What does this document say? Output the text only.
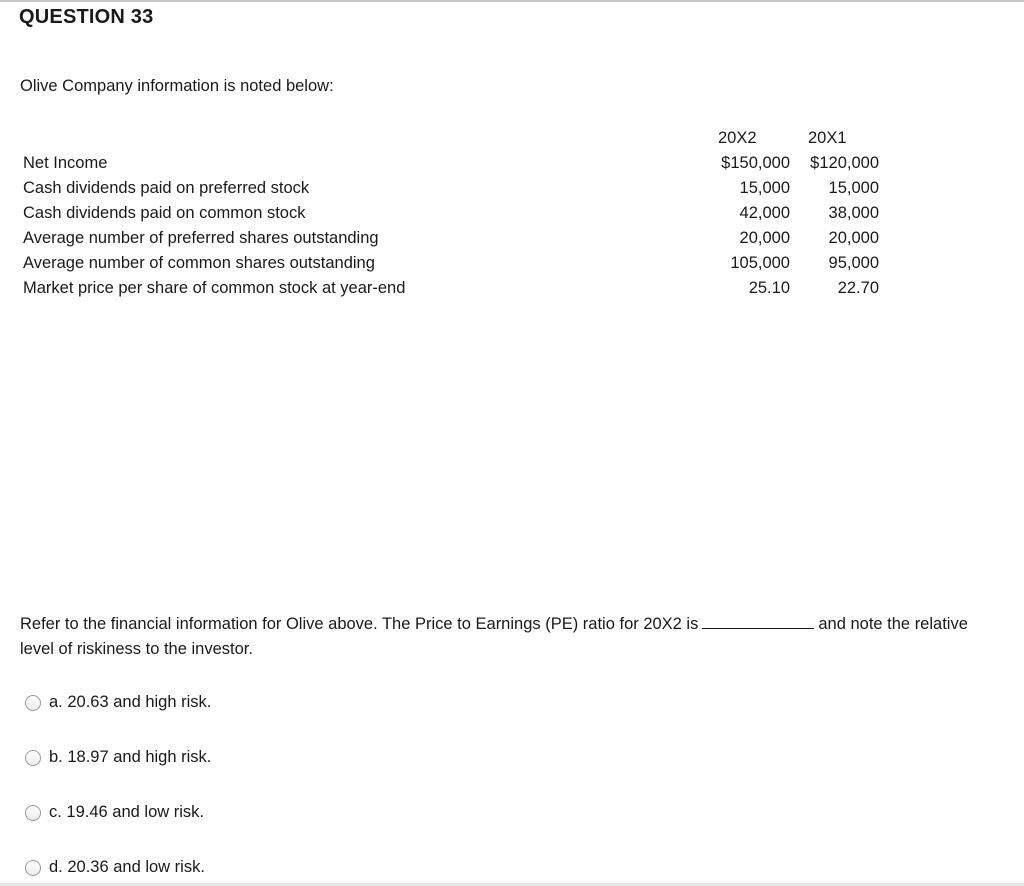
QUESTION 33
Olive Company information is noted below:
20X2	20X1
Net Income	$150,000 $120,000
Cash dividends paid on preferred stock	15,000 15,000
Cash dividends paid on common stock	42,000 38,000
Average number of preferred shares outstanding	20,000 20,000
Average number of common shares outstanding	105,000 95,000
Market price per share of common stock at year-end	25.10	22.70
Refer to the financial information for Olive above. The Price to Earnings (PE) ratio for 20X2 is	and note the relative level of riskiness to the investor.
a. 20.63 and high risk.
b. 18.97 and high risk.
c. 19.46 and low risk.
d. 20.36 and low risk.
